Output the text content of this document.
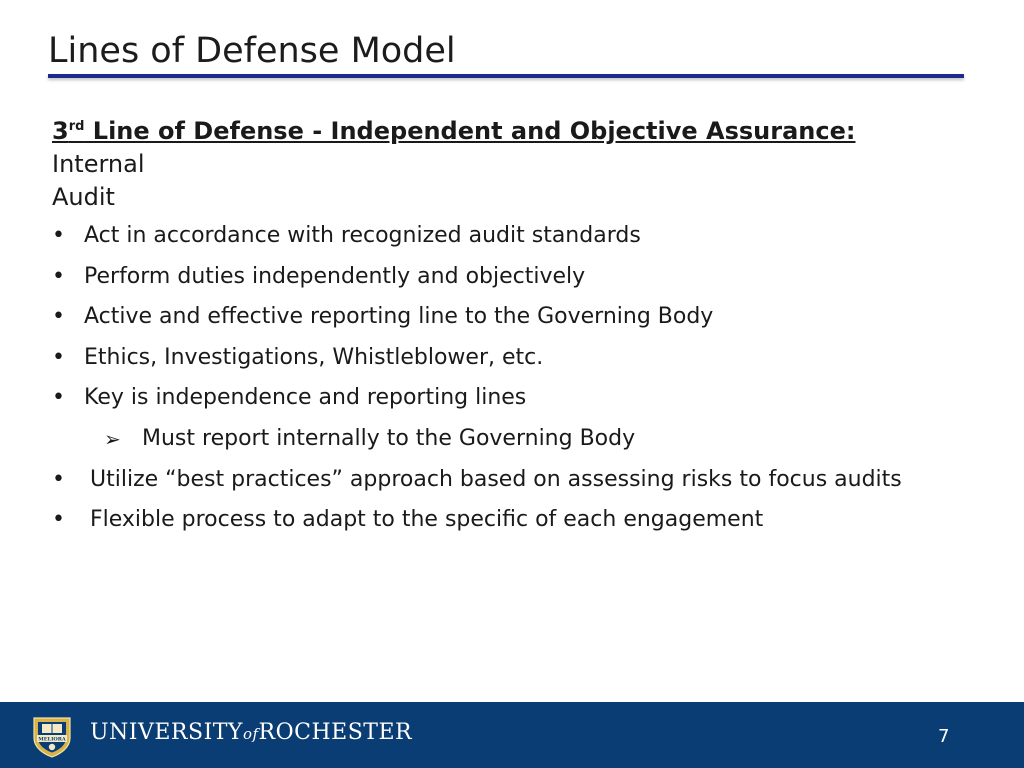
Lines of Defense Model
3rd Line of Defense - Independent and Objective Assurance: Internal
Audit
• Act in accordance with recognized audit standards
• Perform duties independently and objectively
• Active and effective reporting line to the Governing Body
• Ethics, Investigations, Whistleblower, etc.
• Key is independence and reporting lines
➢ Must report internally to the Governing Body
• Utilize “best practices” approach based on assessing risks to focus audits
• Flexible process to adapt to the specific of each engagement
MELIORA UNIVERSITYofROCHESTER	7
